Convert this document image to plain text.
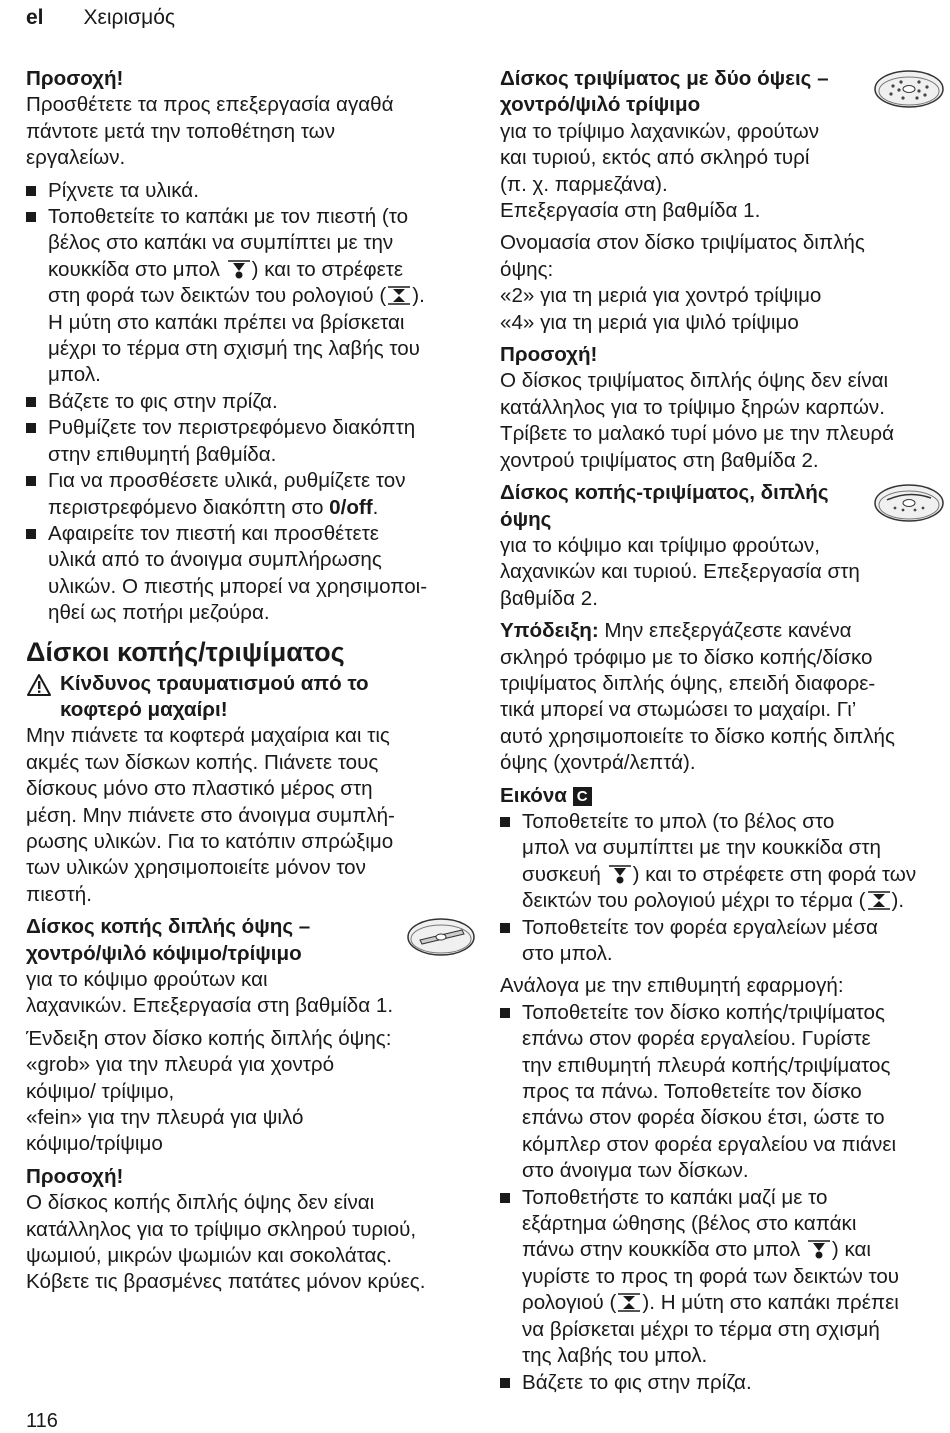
el Χειρισμός

Προσοχή!

Προσθέτετε τα προς επεξεργασία αγαθά
πάντοτε μετά την τοποθέτηση των
εργαλείων.

Ρίχνετε τα υλικά.
Τοποθετείτε το καπάκι με τον πιεστή (το
βέλος στο καπάκι να συμπίπτει με την
κουκκίδα στο μπολ ) και το στρέφετε
στη φορά των δεικτών του ρολογιού ( ).
Η μύτη στο καπάκι πρέπει να βρίσκεται
μέχρι το τέρμα στη σχισμή της λαβής του
μπολ.
Βάζετε το φις στην πρίζα.
Ρυθμίζετε τον περιστρεφόμενο διακόπτη
στην επιθυμητή βαθμίδα.
Για να προσθέσετε υλικά, ρυθμίζετε τον
περιστρεφόμενο διακόπτη στο 0/off.
Αφαιρείτε τον πιεστή και προσθέτετε
υλικά από το άνοιγμα συμπλήρωσης
υλικών. Ο πιεστής μπορεί να χρησιμοποι-
ηθεί ως ποτήρι μεζούρα.

Δίσκοι κοπής/τριψίματος

Κίνδυνος τραυματισμού από το
κοφτερό μαχαίρι!

Μην πιάνετε τα κοφτερά μαχαίρια και τις
ακμές των δίσκων κοπής. Πιάνετε τους
δίσκους μόνο στο πλαστικό μέρος στη
μέση. Μην πιάνετε στο άνοιγμα συμπλή-
ρωσης υλικών. Για το κατόπιν σπρώξιμο
των υλικών χρησιμοποιείτε μόνον τον
πιεστή.

Δίσκος κοπής διπλής όψης –
χοντρό/ψιλό κόψιμο/τρίψιμο

για το κόψιμο φρούτων και
λαχανικών. Επεξεργασία στη βαθμίδα 1.

Ένδειξη στον δίσκο κοπής διπλής όψης:
«grob» για την πλευρά για χοντρό
κόψιμο/ τρίψιμο,
«fein» για την πλευρά για ψιλό
κόψιμο/τρίψιμο

Προσοχή!

Ο δίσκος κοπής διπλής όψης δεν είναι
κατάλληλος για το τρίψιμο σκληρού τυριού,
ψωμιού, μικρών ψωμιών και σοκολάτας.
Κόβετε τις βρασμένες πατάτες μόνον κρύες.

Δίσκος τριψίματος με δύο όψεις –
χοντρό/ψιλό τρίψιμο

για το τρίψιμο λαχανικών, φρούτων
και τυριού, εκτός από σκληρό τυρί
(π. χ. παρμεζάνα).
Επεξεργασία στη βαθμίδα 1.

Ονομασία στον δίσκο τριψίματος διπλής
όψης:
«2» για τη μεριά για χοντρό τρίψιμο
«4» για τη μεριά για ψιλό τρίψιμο

Προσοχή!

Ο δίσκος τριψίματος διπλής όψης δεν είναι
κατάλληλος για το τρίψιμο ξηρών καρπών.
Τρίβετε το μαλακό τυρί μόνο με την πλευρά
χοντρού τριψίματος στη βαθμίδα 2.

Δίσκος κοπής-τριψίματος, διπλής
όψης

για το κόψιμο και τρίψιμο φρούτων,
λαχανικών και τυριού. Επεξεργασία στη
βαθμίδα 2.

Υπόδειξη: Μην επεξεργάζεστε κανένα
σκληρό τρόφιμο με το δίσκο κοπής/δίσκο
τριψίματος διπλής όψης, επειδή διαφορε-
τικά μπορεί να στωμώσει το μαχαίρι. Γι’
αυτό χρησιμοποιείτε το δίσκο κοπής διπλής
όψης (χοντρά/λεπτά).

Εικόνα C

Τοποθετείτε το μπολ (το βέλος στο
μπολ να συμπίπτει με την κουκκίδα στη
συσκευή ) και το στρέφετε στη φορά των
δεικτών του ρολογιού μέχρι το τέρμα ( ).
Τοποθετείτε τον φορέα εργαλείων μέσα
στο μπολ.

Ανάλογα με την επιθυμητή εφαρμογή:

Τοποθετείτε τον δίσκο κοπής/τριψίματος
επάνω στον φορέα εργαλείου. Γυρίστε
την επιθυμητή πλευρά κοπής/τριψίματος
προς τα πάνω. Τοποθετείτε τον δίσκο
επάνω στον φορέα δίσκου έτσι, ώστε το
κόμπλερ στον φορέα εργαλείου να πιάνει
στο άνοιγμα των δίσκων.
Τοποθετήστε το καπάκι μαζί με το
εξάρτημα ώθησης (βέλος στο καπάκι
πάνω στην κουκκίδα στο μπολ ) και
γυρίστε το προς τη φορά των δεικτών του
ρολογιού ( ). Η μύτη στο καπάκι πρέπει
να βρίσκεται μέχρι το τέρμα στη σχισμή
της λαβής του μπολ.
Βάζετε το φις στην πρίζα.
116
